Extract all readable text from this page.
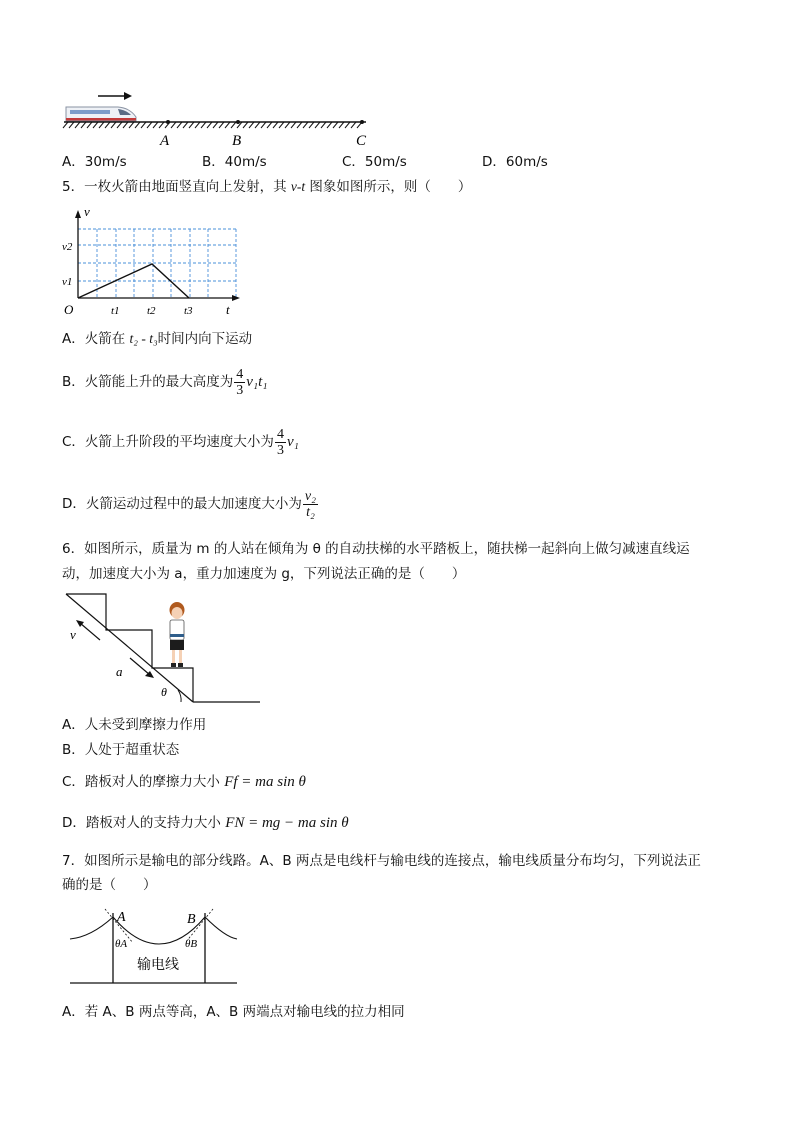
A	B	C
A．30m/s	B．40m/s	C．50m/s	D．60m/s
5．一枚火箭由地面竖直向上发射，其 v-t 图象如图所示，则（　　）
v
t
O
v2
v1
t1 t2	t3
A．火箭在 t₂ - t₃时间内向下运动
B．火箭能上升的最大高度为 $\frac{4}{3} v_1t_1$
C．火箭上升阶段的平均速度大小为 $\frac{4}{3} v_1$
D．火箭运动过程中的最大加速度大小为 $\frac{\text{v₂}}{\text{t₂}}$
6．如图所示，质量为 m 的人站在倾角为 θ 的自动扶梯的水平踏板上，随扶梯一起斜向上做匀减速直线运
动，加速度大小为 a，重力加速度为 g，下列说法正确的是（　　）
v
a
θ
A．人未受到摩擦力作用
B．人处于超重状态
C．踏板对人的摩擦力大小 Ff = ma sin θ
D．踏板对人的支持力大小 FN = mg − ma sin θ
7．如图所示是输电的部分线路。A、B 两点是电线杆与输电线的连接点，输电线质量分布均匀，下列说法正
确的是（　　）
A	B
θA	θB
输电线
A．若 A、B 两点等高，A、B 两端点对输电线的拉力相同
